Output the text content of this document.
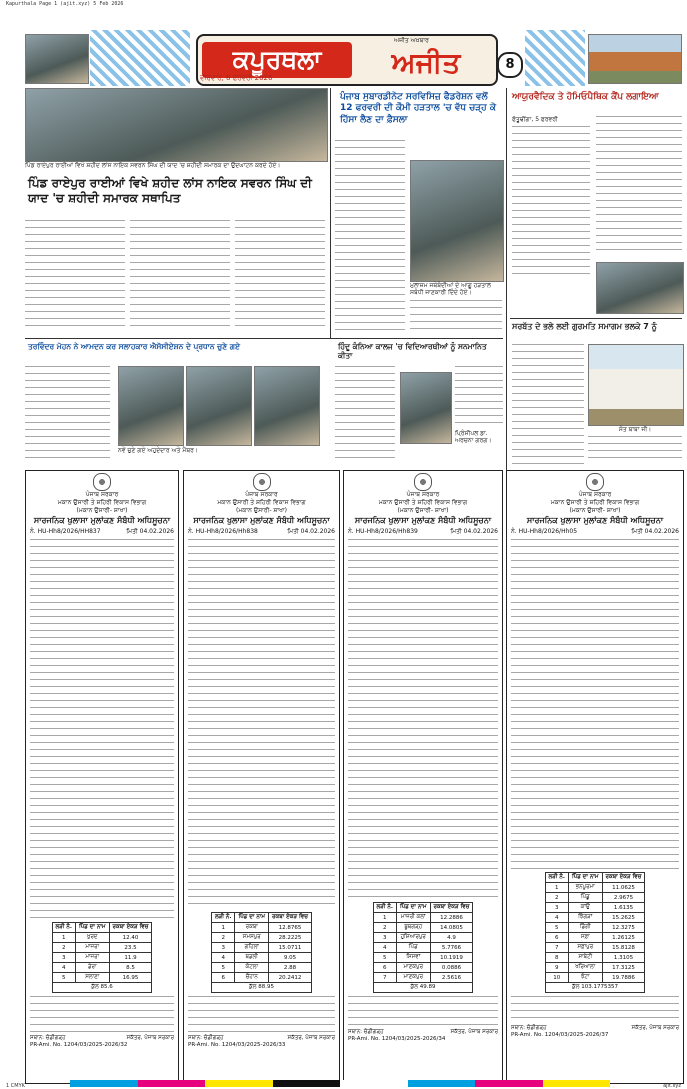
Kapurthala Page 1 (ajit.xyz) 5 Feb 2026
ਕਪੂਰਥਲਾ	ਅਜੀਤ
ਅਜੀਤ ਅਖ਼ਬਾਰ
ਵੀਰਵਾਰ, 6 ਫਰਵਰੀ 2026
8
ਪਿੰਡ ਰਾਏਪੁਰ ਰਾਈਆਂ ਵਿਖੇ ਸ਼ਹੀਦ ਲਾਂਸ ਨਾਇਕ ਸਵਰਨ ਸਿੰਘ ਦੀ ਯਾਦ 'ਚ ਸ਼ਹੀਦੀ ਸਮਾਰਕ ਦਾ ਉਦਘਾਟਨ ਕਰਦੇ ਹੋਏ।
ਪਿੰਡ ਰਾਏਪੁਰ ਰਾਈਆਂ ਵਿਖੇ ਸ਼ਹੀਦ ਲਾਂਸ ਨਾਇਕ ਸਵਰਨ ਸਿੰਘ ਦੀ ਯਾਦ 'ਚ ਸ਼ਹੀਦੀ ਸਮਾਰਕ ਸਥਾਪਿਤ
ਪੰਜਾਬ ਸੁਬਾਰਡੀਨੇਟ ਸਰਵਿਸਿਜ਼ ਫੈਡਰੇਸ਼ਨ ਵਲੋਂ 12 ਫਰਵਰੀ ਦੀ ਕੌਮੀ ਹੜਤਾਲ 'ਚ ਵੱਧ ਚੜ੍ਹ ਕੇ ਹਿੱਸਾ ਲੈਣ ਦਾ ਫ਼ੈਸਲਾ
ਮੁਲਾਜ਼ਮ ਜਥੇਬੰਦੀਆਂ ਦੇ ਆਗੂ ਹੜਤਾਲ ਸਬੰਧੀ ਜਾਣਕਾਰੀ ਦਿੰਦੇ ਹੋਏ।
ਆਯੁਰਵੈਦਿਕ ਤੇ ਹੋਮਿਓਪੈਥਿਕ ਕੈਂਪ ਲਗਾਇਆ
ਫੱਤੂਢੀਂਗਾ, 5 ਫਰਵਰੀ
ਸਰਬੱਤ ਦੇ ਭਲੇ ਲਈ ਗੁਰਮਤਿ ਸਮਾਗਮ ਭਲਕੇ 7 ਨੂੰ
ਸੰਤ ਬਾਬਾ ਜੀ।
ਤਰਵਿੰਦਰ ਮੋਹਨ ਨੇ ਆਮਦਨ ਕਰ ਸਲਾਹਕਾਰ ਐਸੋਸੀਏਸ਼ਨ ਦੇ ਪ੍ਰਧਾਨ ਚੁਣੇ ਗਏ
ਨਵੇਂ ਚੁਣੇ ਗਏ ਅਹੁਦੇਦਾਰ ਅਤੇ ਮੈਂਬਰ।
ਹਿੰਦੂ ਕੰਨਿਆ ਕਾਲਜ 'ਚ ਵਿਦਿਆਰਥੀਆਂ ਨੂੰ ਸਨਮਾਨਿਤ ਕੀਤਾ
ਪ੍ਰਿੰਸੀਪਲ ਡਾ. ਅਰਚਨਾ ਗਰਗ।
ਪੰਜਾਬ ਸਰਕਾਰ
ਮਕਾਨ ਉਸਾਰੀ ਤੇ ਸ਼ਹਿਰੀ ਵਿਕਾਸ ਵਿਭਾਗ
(ਮਕਾਨ ਉਸਾਰੀ- ਸ਼ਾਖਾ)
ਸਾਰਜਨਿਕ ਖੁਲਾਸਾ ਮੁਲਾਂਕਣ ਸੰਬੰਧੀ ਅਧਿਸੂਚਨਾ
ਨੰ. HU-Hh8/2026/HH837	ਮਿਤੀ 04.02.2026
ਲੜੀ ਨੰ.	ਪਿੰਡ ਦਾ ਨਾਮ	ਰਕਬਾ ਏਕੜ ਵਿਚ
1	ਖੁਰਦ	12.40
2	ਮਾਜਰਾ	23.5
3	ਮਾਜਰਾ	11.9
4	ਡੇਰਾ	8.5
5	ਸਲਾਣਾ	16.95
ਕੁੱਲ 85.6		
ਸਥਾਨ: ਚੰਡੀਗੜ੍ਹ	ਸਕੱਤਰ, ਪੰਜਾਬ ਸਰਕਾਰ
PR-Ami. No. 1204/03/2025-2026/32
ਪੰਜਾਬ ਸਰਕਾਰ
ਮਕਾਨ ਉਸਾਰੀ ਤੇ ਸ਼ਹਿਰੀ ਵਿਕਾਸ ਵਿਭਾਗ
(ਮਕਾਨ ਉਸਾਰੀ- ਸ਼ਾਖਾ)
ਸਾਰਜਨਿਕ ਖੁਲਾਸਾ ਮੁਲਾਂਕਣ ਸੰਬੰਧੀ ਅਧਿਸੂਚਨਾ
ਨੰ. HU-Hh8/2026/Hh838	ਮਿਤੀ 04.02.2026
ਲੜੀ ਨੰ.	ਪਿੰਡ ਦਾ ਨਾਮ	ਰਕਬਾ ਏਕੜ ਵਿਚ
1	ਰਕਬਾ	12.8765
2	ਸਮਸਪੁਰ	28.2225
3	ਗਹਿਲਾਂ	15.0711
4	ਬਡਲੀ	9.05
5	ਕੋਟਲਾ	2.88
6	ਚੌਹਾਨ	20.2412
ਕੁੱਲ 88.95		
ਸਥਾਨ: ਚੰਡੀਗੜ੍ਹ	ਸਕੱਤਰ, ਪੰਜਾਬ ਸਰਕਾਰ
PR-Ami. No. 1204/03/2025-2026/33
ਪੰਜਾਬ ਸਰਕਾਰ
ਮਕਾਨ ਉਸਾਰੀ ਤੇ ਸ਼ਹਿਰੀ ਵਿਕਾਸ ਵਿਭਾਗ
(ਮਕਾਨ ਉਸਾਰੀ- ਸ਼ਾਖਾ)
ਸਾਰਜਨਿਕ ਖੁਲਾਸਾ ਮੁਲਾਂਕਣ ਸੰਬੰਧੀ ਅਧਿਸੂਚਨਾ
ਨੰ. HU-Hh8/2026/Hh839	ਮਿਤੀ 04.02.2026
ਲੜੀ ਨੰ.	ਪਿੰਡ ਦਾ ਨਾਮ	ਰਕਬਾ ਏਕੜ ਵਿਚ
1	ਮਾਜਰੀ ਕਲਾਂ	12.2886
2	ਬੂਥਗੜ੍ਹ	14.0805
3	ਹੁਸ਼ਿਆਰਪੁਰ	4.9
4	ਪਿੰਡ	5.7766
5	ਸਿਸਵਾਂ	10.1919
6	ਮਾਣਕਪੁਰ	0.0886
7	ਮਾਣਕਪੁਰ	2.5616
ਕੁੱਲ 49.89		
ਸਥਾਨ: ਚੰਡੀਗੜ੍ਹ	ਸਕੱਤਰ, ਪੰਜਾਬ ਸਰਕਾਰ
PR-Ami. No. 1204/03/2025-2026/34
ਪੰਜਾਬ ਸਰਕਾਰ
ਮਕਾਨ ਉਸਾਰੀ ਤੇ ਸ਼ਹਿਰੀ ਵਿਕਾਸ ਵਿਭਾਗ
(ਮਕਾਨ ਉਸਾਰੀ- ਸ਼ਾਖਾ)
ਸਾਰਜਨਿਕ ਖੁਲਾਸਾ ਮੁਲਾਂਕਣ ਸੰਬੰਧੀ ਅਧਿਸੂਚਨਾ
ਨੰ. HU-Hh8/2026/Hh05	ਮਿਤੀ 04.02.2026
ਲੜੀ ਨੰ.	ਪਿੰਡ ਦਾ ਨਾਮ	ਰਕਬਾ ਏਕੜ ਵਿਚ
1	ਭਨਪੂਰਮਾ	11.0625
2	ਪਿੰਡੂ	2.9675
3	ਕਾਂਉ	1.6135
4	ਝਿੰਗੜਾਂ	15.2625
5	ਡਿੰਗੀ	12.3275
6	ਸਫ਼ਾ	1.26125
7	ਸਫ਼ਾਪੁਰ	15.8128
8	ਸਾਬੇਟੀ	1.3105
9	ਖਰਿਆਲਾ	17.3125
10	ਝੋਟਾ	19.7886
ਕੁੱਲ 103.1775357		
ਸਥਾਨ: ਚੰਡੀਗੜ੍ਹ	ਸਕੱਤਰ, ਪੰਜਾਬ ਸਰਕਾਰ
PR-Ami. No. 1204/03/2025-2026/37
1 CMYK	ajit.xyz
